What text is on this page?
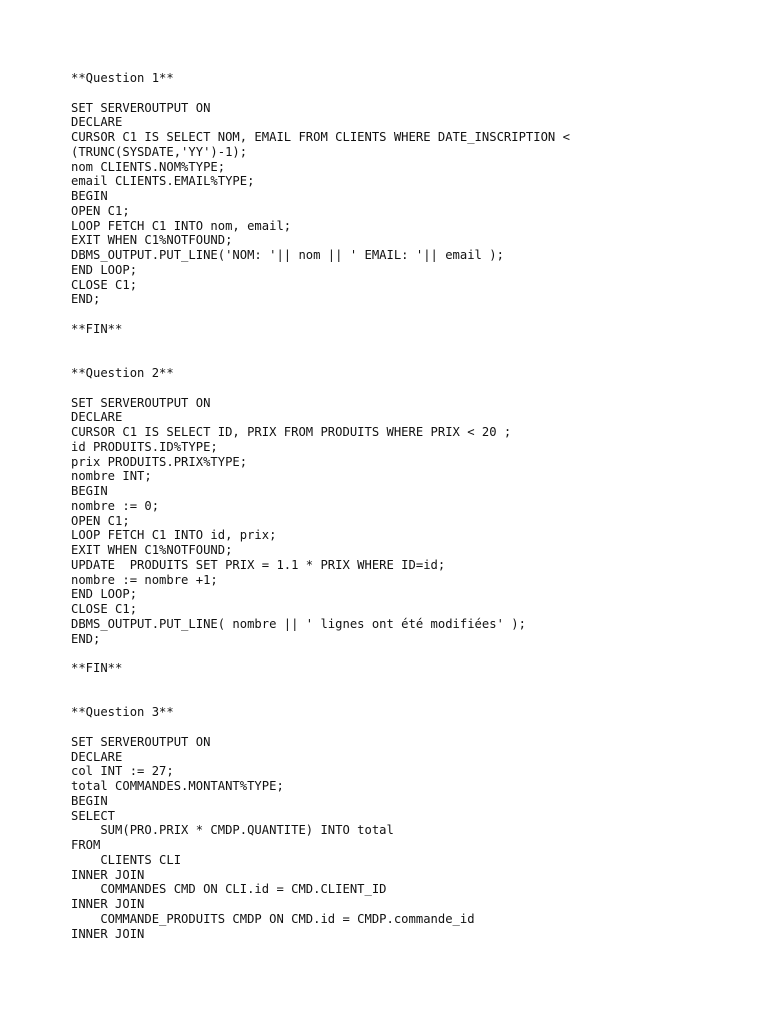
**Question 1**
SET SERVEROUTPUT ON
DECLARE
CURSOR C1 IS SELECT NOM, EMAIL FROM CLIENTS WHERE DATE_INSCRIPTION <
(TRUNC(SYSDATE,'YY')-1);
nom CLIENTS.NOM%TYPE;
email CLIENTS.EMAIL%TYPE;
BEGIN
OPEN C1;
LOOP FETCH C1 INTO nom, email;
EXIT WHEN C1%NOTFOUND;
DBMS_OUTPUT.PUT_LINE('NOM: '|| nom || ' EMAIL: '|| email );
END LOOP;
CLOSE C1;
END;
**FIN**
**Question 2**
SET SERVEROUTPUT ON
DECLARE
CURSOR C1 IS SELECT ID, PRIX FROM PRODUITS WHERE PRIX < 20 ;
id PRODUITS.ID%TYPE;
prix PRODUITS.PRIX%TYPE;
nombre INT;
BEGIN
nombre := 0;
OPEN C1;
LOOP FETCH C1 INTO id, prix;
EXIT WHEN C1%NOTFOUND;
UPDATE  PRODUITS SET PRIX = 1.1 * PRIX WHERE ID=id;
nombre := nombre +1;
END LOOP;
CLOSE C1;
DBMS_OUTPUT.PUT_LINE( nombre || ' lignes ont été modifiées' );
END;
**FIN**
**Question 3**
SET SERVEROUTPUT ON
DECLARE
col INT := 27;
total COMMANDES.MONTANT%TYPE;
BEGIN
SELECT
SUM(PRO.PRIX * CMDP.QUANTITE) INTO total
FROM
CLIENTS CLI
INNER JOIN
COMMANDES CMD ON CLI.id = CMD.CLIENT_ID
INNER JOIN
COMMANDE_PRODUITS CMDP ON CMD.id = CMDP.commande_id
INNER JOIN
